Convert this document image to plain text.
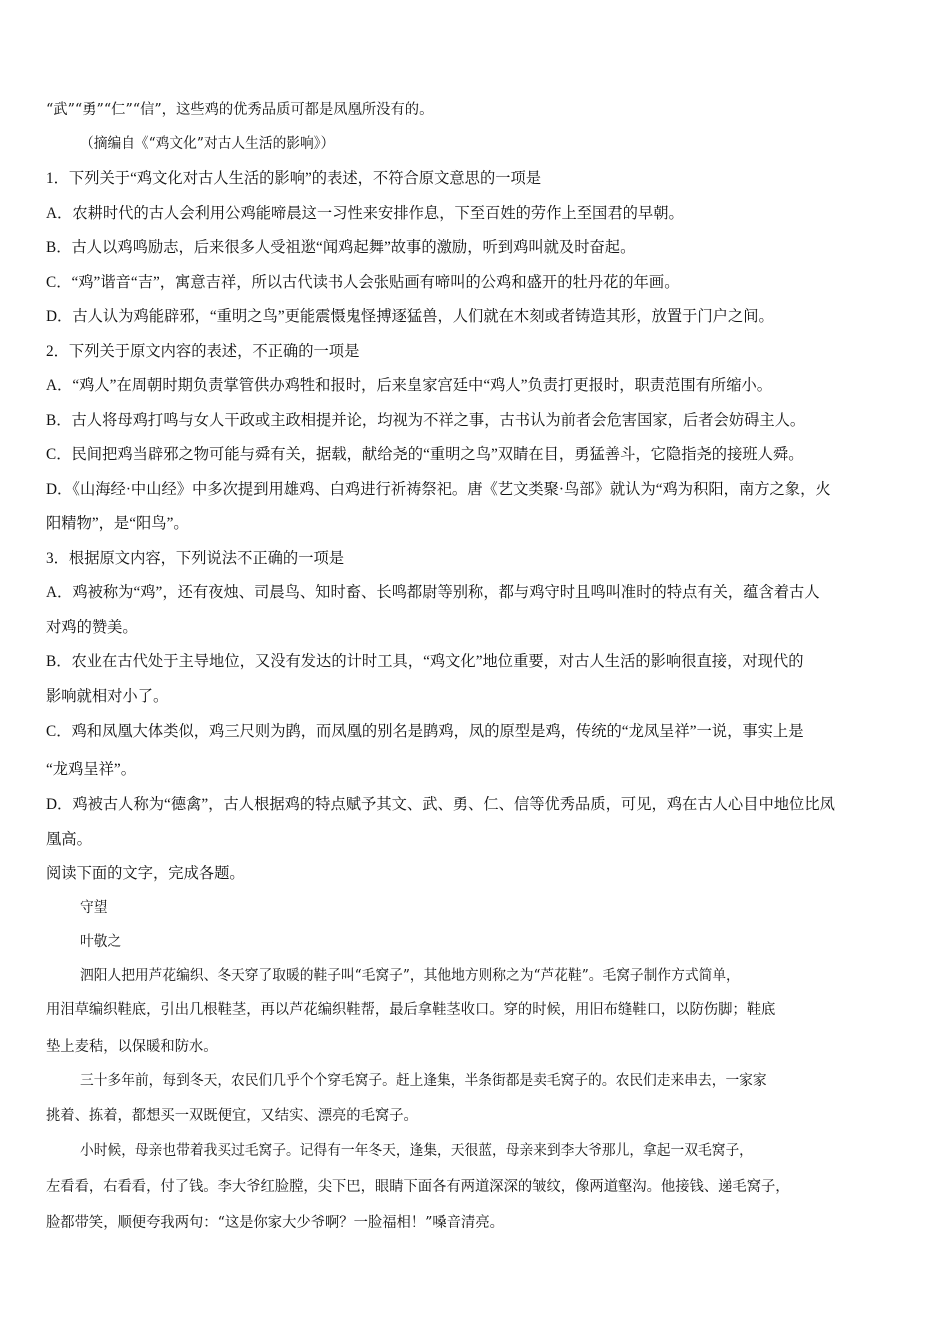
“武”“勇”“仁”“信”，这些鸡的优秀品质可都是凤凰所没有的。
（摘编自《“鸡文化”对古人生活的影响》）
1．下列关于“鸡文化对古人生活的影响”的表述，不符合原文意思的一项是
A．农耕时代的古人会利用公鸡能啼晨这一习性来安排作息，下至百姓的劳作上至国君的早朝。
B．古人以鸡鸣励志，后来很多人受祖逖“闻鸡起舞”故事的激励，听到鸡叫就及时奋起。
C．“鸡”谐音“吉”，寓意吉祥，所以古代读书人会张贴画有啼叫的公鸡和盛开的牡丹花的年画。
D．古人认为鸡能辟邪，“重明之鸟”更能震慑鬼怪搏逐猛兽，人们就在木刻或者铸造其形，放置于门户之间。
2．下列关于原文内容的表述，不正确的一项是
A．“鸡人”在周朝时期负责掌管供办鸡牲和报时，后来皇家宫廷中“鸡人”负责打更报时，职责范围有所缩小。
B．古人将母鸡打鸣与女人干政或主政相提并论，均视为不祥之事，古书认为前者会危害国家，后者会妨碍主人。
C．民间把鸡当辟邪之物可能与舜有关，据载，献给尧的“重明之鸟”双睛在目，勇猛善斗，它隐指尧的接班人舜。
D．《山海经·中山经》中多次提到用雄鸡、白鸡进行祈祷祭祀。唐《艺文类聚·鸟部》就认为“鸡为积阳，南方之象，火
阳精物”，是“阳鸟”。
3．根据原文内容，下列说法不正确的一项是
A．鸡被称为“鸡”，还有夜烛、司晨鸟、知时畜、长鸣都尉等别称，都与鸡守时且鸣叫准时的特点有关，蕴含着古人
对鸡的赞美。
B．农业在古代处于主导地位，又没有发达的计时工具，“鸡文化”地位重要，对古人生活的影响很直接，对现代的
影响就相对小了。
C．鸡和凤凰大体类似，鸡三尺则为鹍，而凤凰的别名是鹍鸡，凤的原型是鸡，传统的“龙凤呈祥”一说，事实上是
“龙鸡呈祥”。
D．鸡被古人称为“德禽”，古人根据鸡的特点赋予其文、武、勇、仁、信等优秀品质，可见，鸡在古人心目中地位比凤
凰高。
阅读下面的文字，完成各题。
守望
叶敬之
泗阳人把用芦花编织、冬天穿了取暖的鞋子叫“毛窝子”，其他地方则称之为“芦花鞋”。毛窝子制作方式简单，
用泪草编织鞋底，引出几根鞋茎，再以芦花编织鞋帮，最后拿鞋茎收口。穿的时候，用旧布缝鞋口，以防伤脚；鞋底
垫上麦秸，以保暖和防水。
三十多年前，每到冬天，农民们几乎个个穿毛窝子。赶上逢集，半条街都是卖毛窝子的。农民们走来串去，一家家
挑着、拣着，都想买一双既便宜，又结实、漂亮的毛窝子。
小时候，母亲也带着我买过毛窝子。记得有一年冬天，逢集，天很蓝，母亲来到李大爷那儿，拿起一双毛窝子，
左看看，右看看，付了钱。李大爷红脸膛，尖下巴，眼睛下面各有两道深深的皱纹，像两道壑沟。他接钱、递毛窝子，
脸都带笑，顺便夸我两句：“这是你家大少爷啊？一脸福相！”嗓音清亮。
